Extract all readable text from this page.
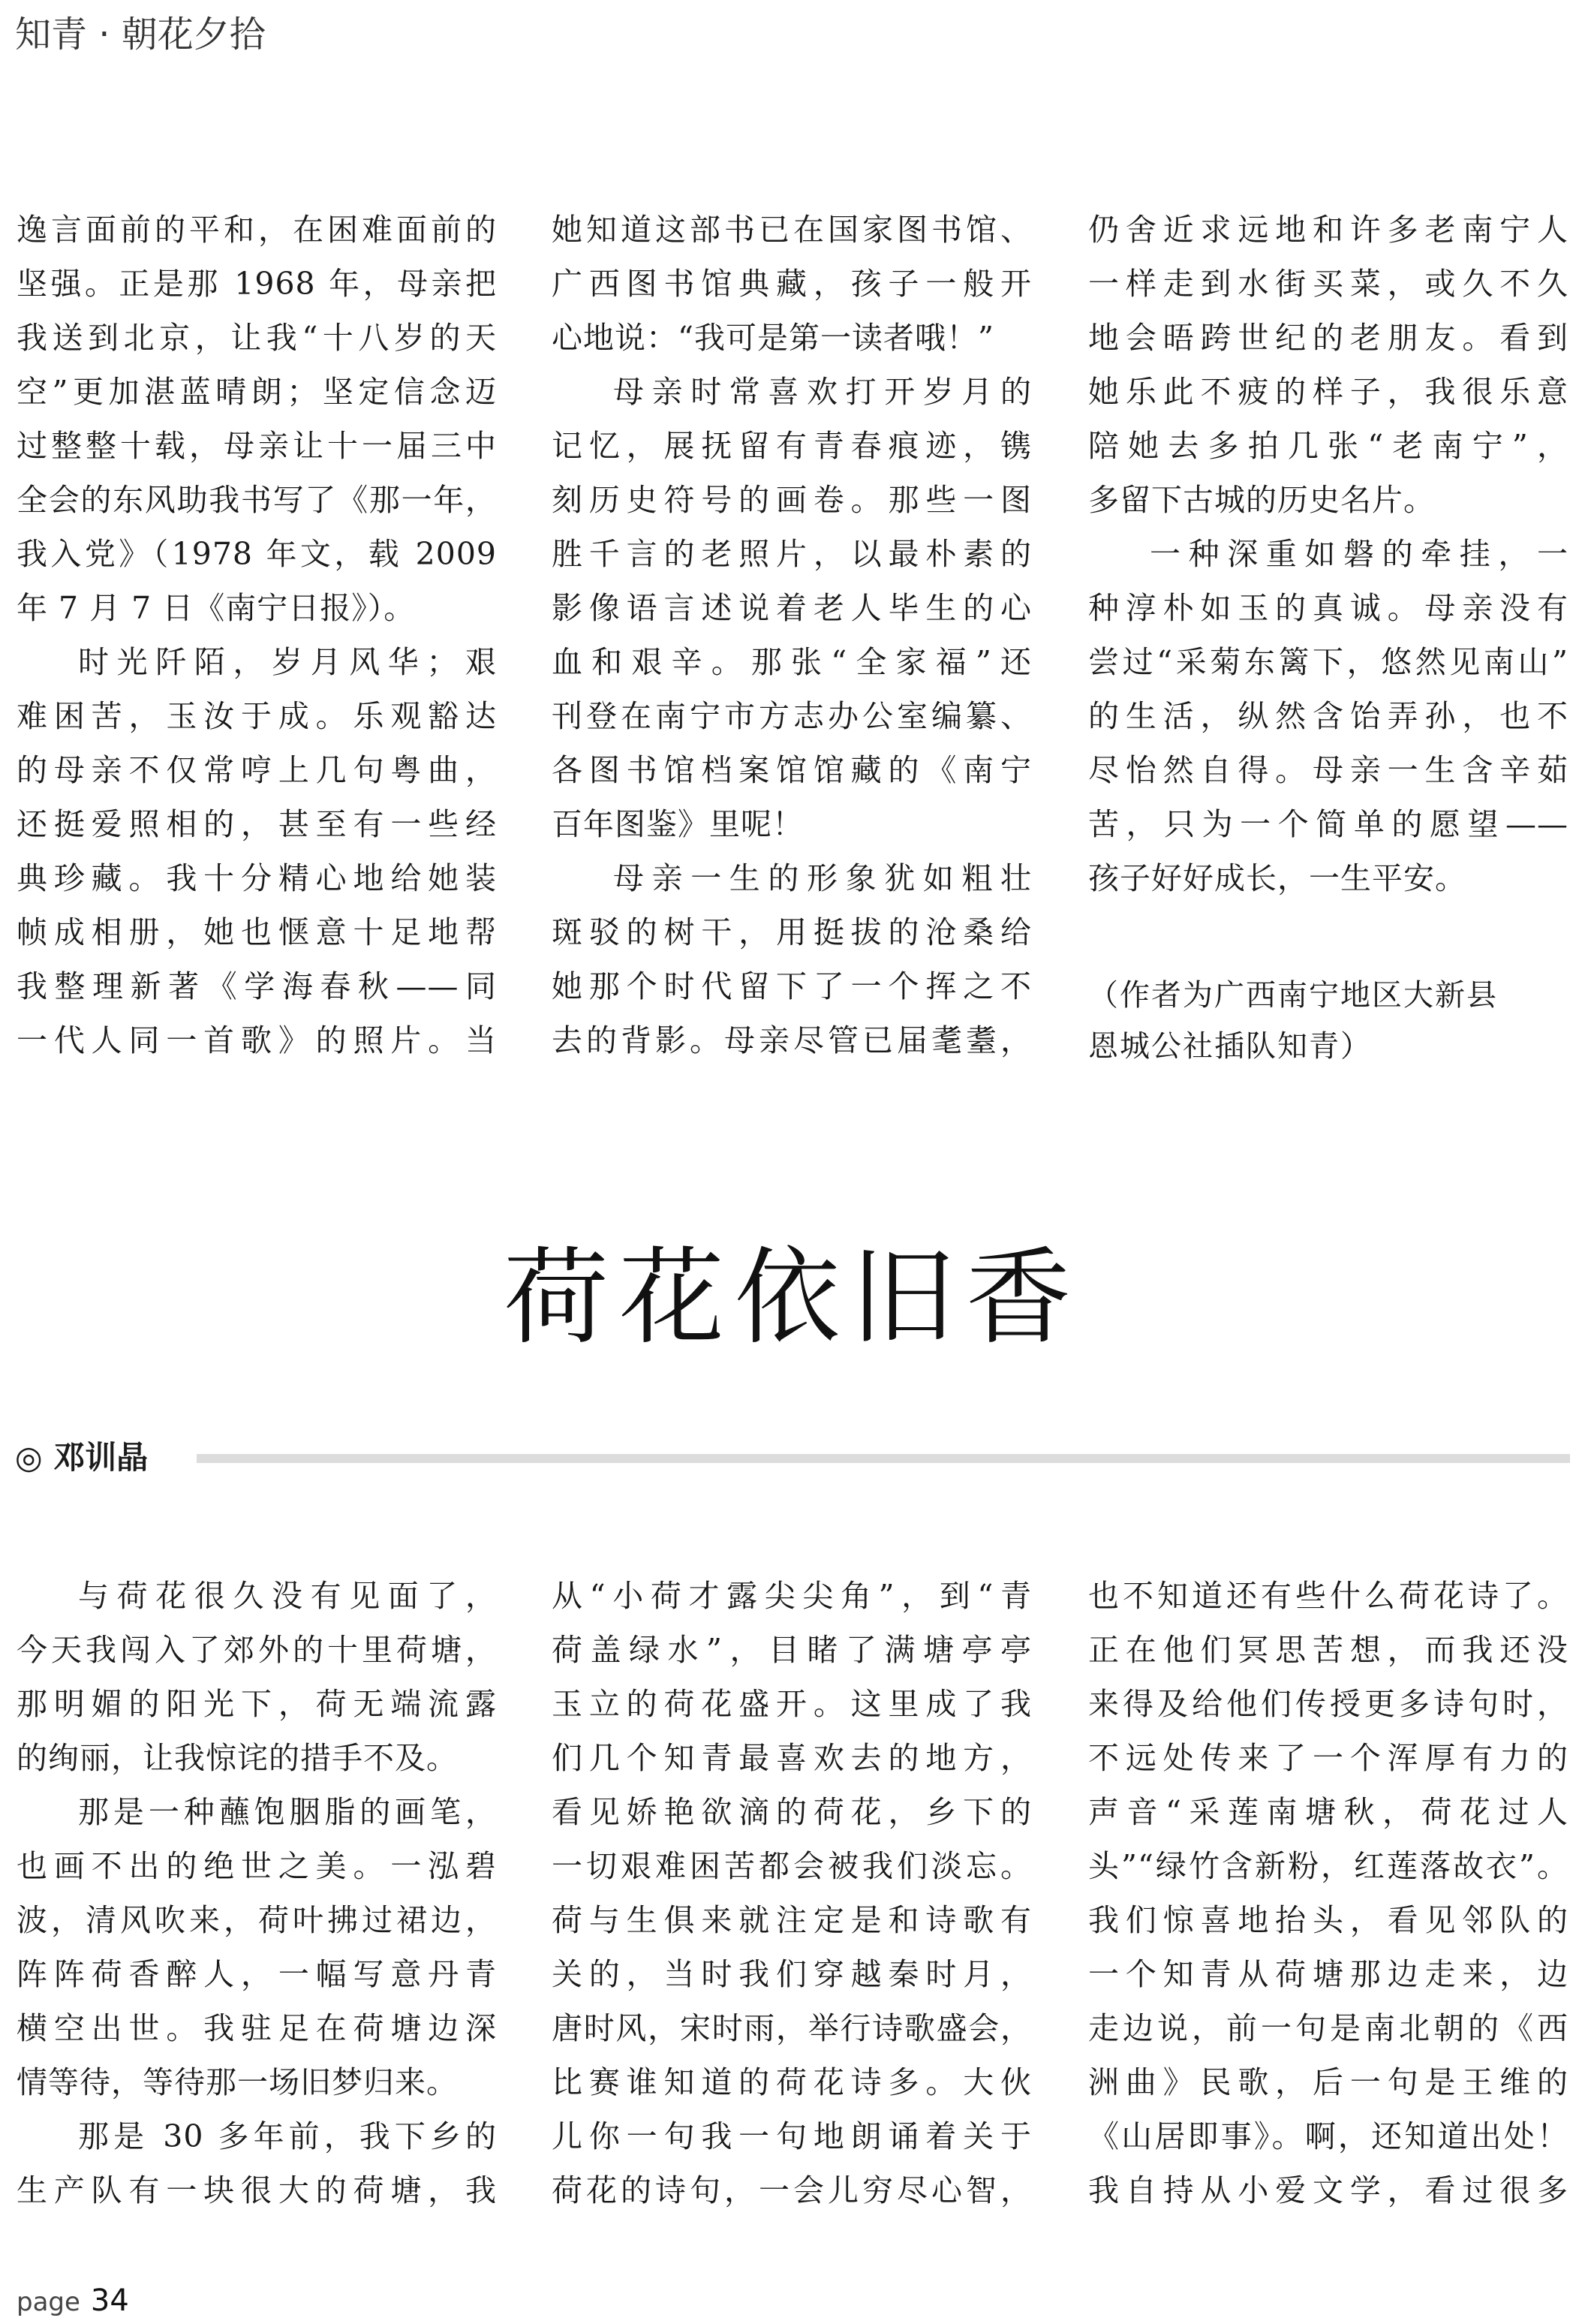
知青 · 朝花夕拾

逸言面前的平和，在困难面前的

坚强。正是那 1968 年，母亲把

我送到北京，让我“十八岁的天

空”更加湛蓝晴朗；坚定信念迈

过整整十载，母亲让十一届三中

全会的东风助我书写了《那一年，

我入党》（1978 年文，载 2009

年 7 月 7 日《南宁日报》）。

时光阡陌，岁月风华；艰

难困苦，玉汝于成。乐观豁达

的母亲不仅常哼上几句粤曲，

还挺爱照相的，甚至有一些经

典珍藏。我十分精心地给她装

帧成相册，她也惬意十足地帮

我整理新著《学海春秋——同

一代人同一首歌》的照片。当

她知道这部书已在国家图书馆、

广西图书馆典藏，孩子一般开

心地说：“我可是第一读者哦！”

母亲时常喜欢打开岁月的

记忆，展抚留有青春痕迹，镌

刻历史符号的画卷。那些一图

胜千言的老照片，以最朴素的

影像语言述说着老人毕生的心

血和艰辛。那张“全家福”还

刊登在南宁市方志办公室编纂、

各图书馆档案馆馆藏的《南宁

百年图鉴》里呢！

母亲一生的形象犹如粗壮

斑驳的树干，用挺拔的沧桑给

她那个时代留下了一个挥之不

去的背影。母亲尽管已届耄耋，

仍舍近求远地和许多老南宁人

一样走到水街买菜，或久不久

地会晤跨世纪的老朋友。看到

她乐此不疲的样子，我很乐意

陪她去多拍几张“老南宁”，

多留下古城的历史名片。

一种深重如磐的牵挂，一

种淳朴如玉的真诚。母亲没有

尝过“采菊东篱下，悠然见南山”

的生活，纵然含饴弄孙，也不

尽怡然自得。母亲一生含辛茹

苦，只为一个简单的愿望——

孩子好好成长，一生平安。

（作者为广西南宁地区大新县
恩城公社插队知青）
荷花依旧香
◎ 邓训晶

与荷花很久没有见面了，

今天我闯入了郊外的十里荷塘，

那明媚的阳光下，荷无端流露

的绚丽，让我惊诧的措手不及。

那是一种蘸饱胭脂的画笔，

也画不出的绝世之美。一泓碧

波，清风吹来，荷叶拂过裙边，

阵阵荷香醉人，一幅写意丹青

横空出世。我驻足在荷塘边深

情等待，等待那一场旧梦归来。

那是 30 多年前，我下乡的

生产队有一块很大的荷塘，我

从“小荷才露尖尖角”，到“青

荷盖绿水”，目睹了满塘亭亭

玉立的荷花盛开。这里成了我

们几个知青最喜欢去的地方，

看见娇艳欲滴的荷花，乡下的

一切艰难困苦都会被我们淡忘。

荷与生俱来就注定是和诗歌有

关的，当时我们穿越秦时月，

唐时风，宋时雨，举行诗歌盛会，

比赛谁知道的荷花诗多。大伙

儿你一句我一句地朗诵着关于

荷花的诗句，一会儿穷尽心智，

也不知道还有些什么荷花诗了。

正在他们冥思苦想，而我还没

来得及给他们传授更多诗句时，

不远处传来了一个浑厚有力的

声音“采莲南塘秋，荷花过人

头”“绿竹含新粉，红莲落故衣”。

我们惊喜地抬头，看见邻队的

一个知青从荷塘那边走来，边

走边说，前一句是南北朝的《西

洲曲》民歌，后一句是王维的

《山居即事》。啊，还知道出处！

我自持从小爱文学，看过很多

page 34
